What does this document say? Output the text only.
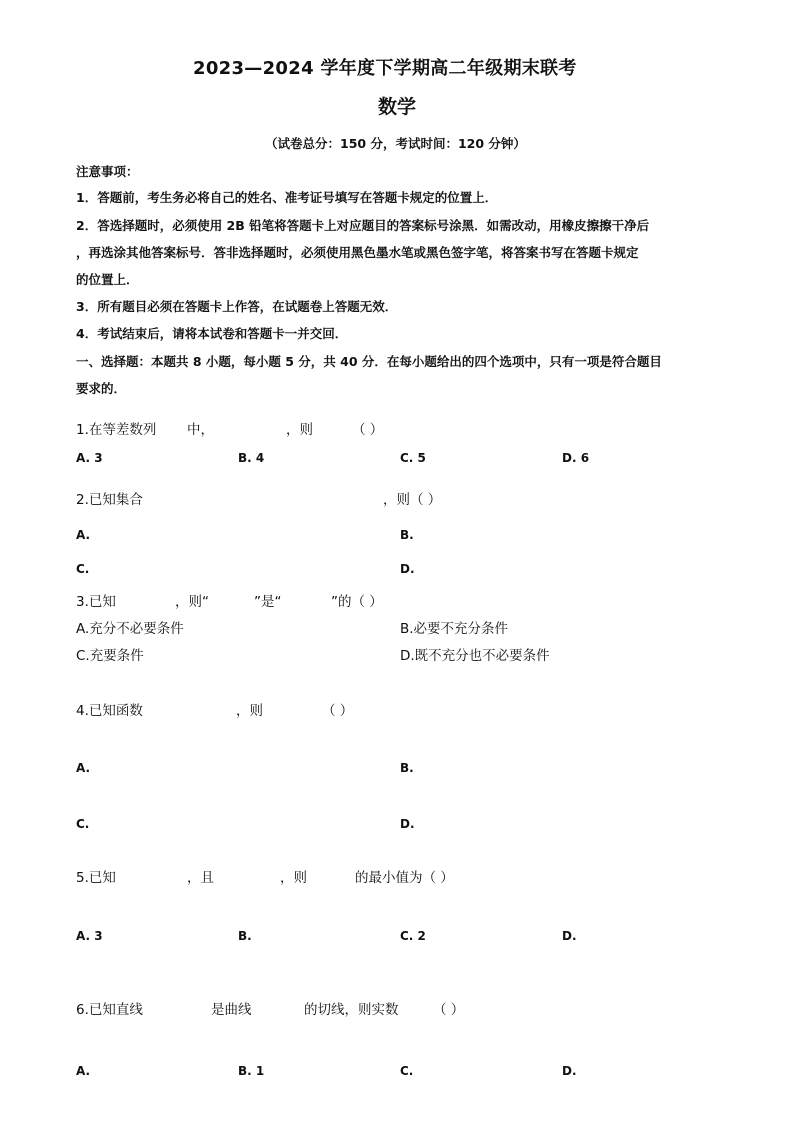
2023—2024 学年度下学期高二年级期末联考
数学
（试卷总分：150 分，考试时间：120 分钟）
注意事项：
1．答题前，考生务必将自己的姓名、准考证号填写在答题卡规定的位置上．
2．答选择题时，必须使用 2B 铅笔将答题卡上对应题目的答案标号涂黑．如需改动，用橡皮擦擦干净后
，再选涂其他答案标号．答非选择题时，必须使用黑色墨水笔或黑色签字笔，将答案书写在答题卡规定
的位置上．
3．所有题目必须在答题卡上作答，在试题卷上答题无效．
4．考试结束后，请将本试卷和答题卡一并交回．
一、选择题：本题共 8 小题，每小题 5 分，共 40 分．在每小题给出的四个选项中，只有一项是符合题目
要求的．
1.在等差数列 中，	，则	（ ）
A. 3	B. 4	C. 5	D. 6
2.已知集合	，则（ ）
A.	B.
C.	D.
3.已知	，则“	”是“	”的（ ）
A.充分不必要条件	B.必要不充分条件
C.充要条件	D.既不充分也不必要条件
4.已知函数	，则	（ ）
A.	B.
C.	D.
5.已知	，且	，则	的最小值为（ ）
A. 3	B.	C. 2	D.
6.已知直线	是曲线	的切线，则实数	（ ）
A.	B. 1	C.	D.
